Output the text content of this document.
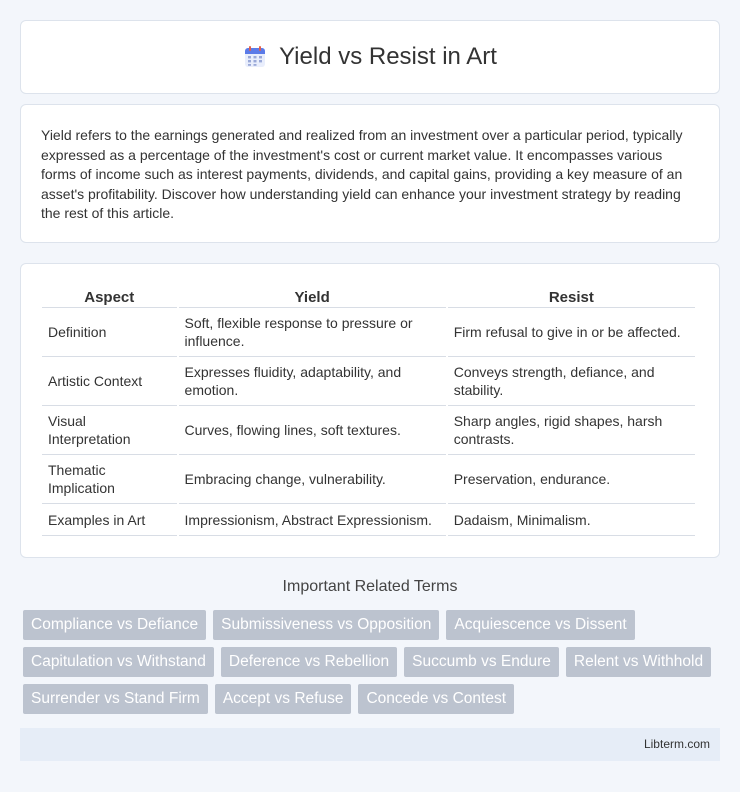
Yield vs Resist in Art

Yield refers to the earnings generated and realized from an investment over a particular period, typically expressed as a percentage of the investment's cost or current market value. It encompasses various forms of income such as interest payments, dividends, and capital gains, providing a key measure of an asset's profitability. Discover how understanding yield can enhance your investment strategy by reading the rest of this article.

Aspect	Yield	Resist
Definition	Soft, flexible response to pressure or influence.	Firm refusal to give in or be affected.
Artistic Context	Expresses fluidity, adaptability, and emotion.	Conveys strength, defiance, and stability.
Visual Interpretation	Curves, flowing lines, soft textures.	Sharp angles, rigid shapes, harsh contrasts.
Thematic Implication	Embracing change, vulnerability.	Preservation, endurance.
Examples in Art	Impressionism, Abstract Expressionism.	Dadaism, Minimalism.
Important Related Terms
Compliance vs Defiance	Submissiveness vs Opposition	Acquiescence vs Dissent
Capitulation vs Withstand	Deference vs Rebellion	Succumb vs Endure	Relent vs Withhold
Surrender vs Stand Firm	Accept vs Refuse	Concede vs Contest
Libterm.com
